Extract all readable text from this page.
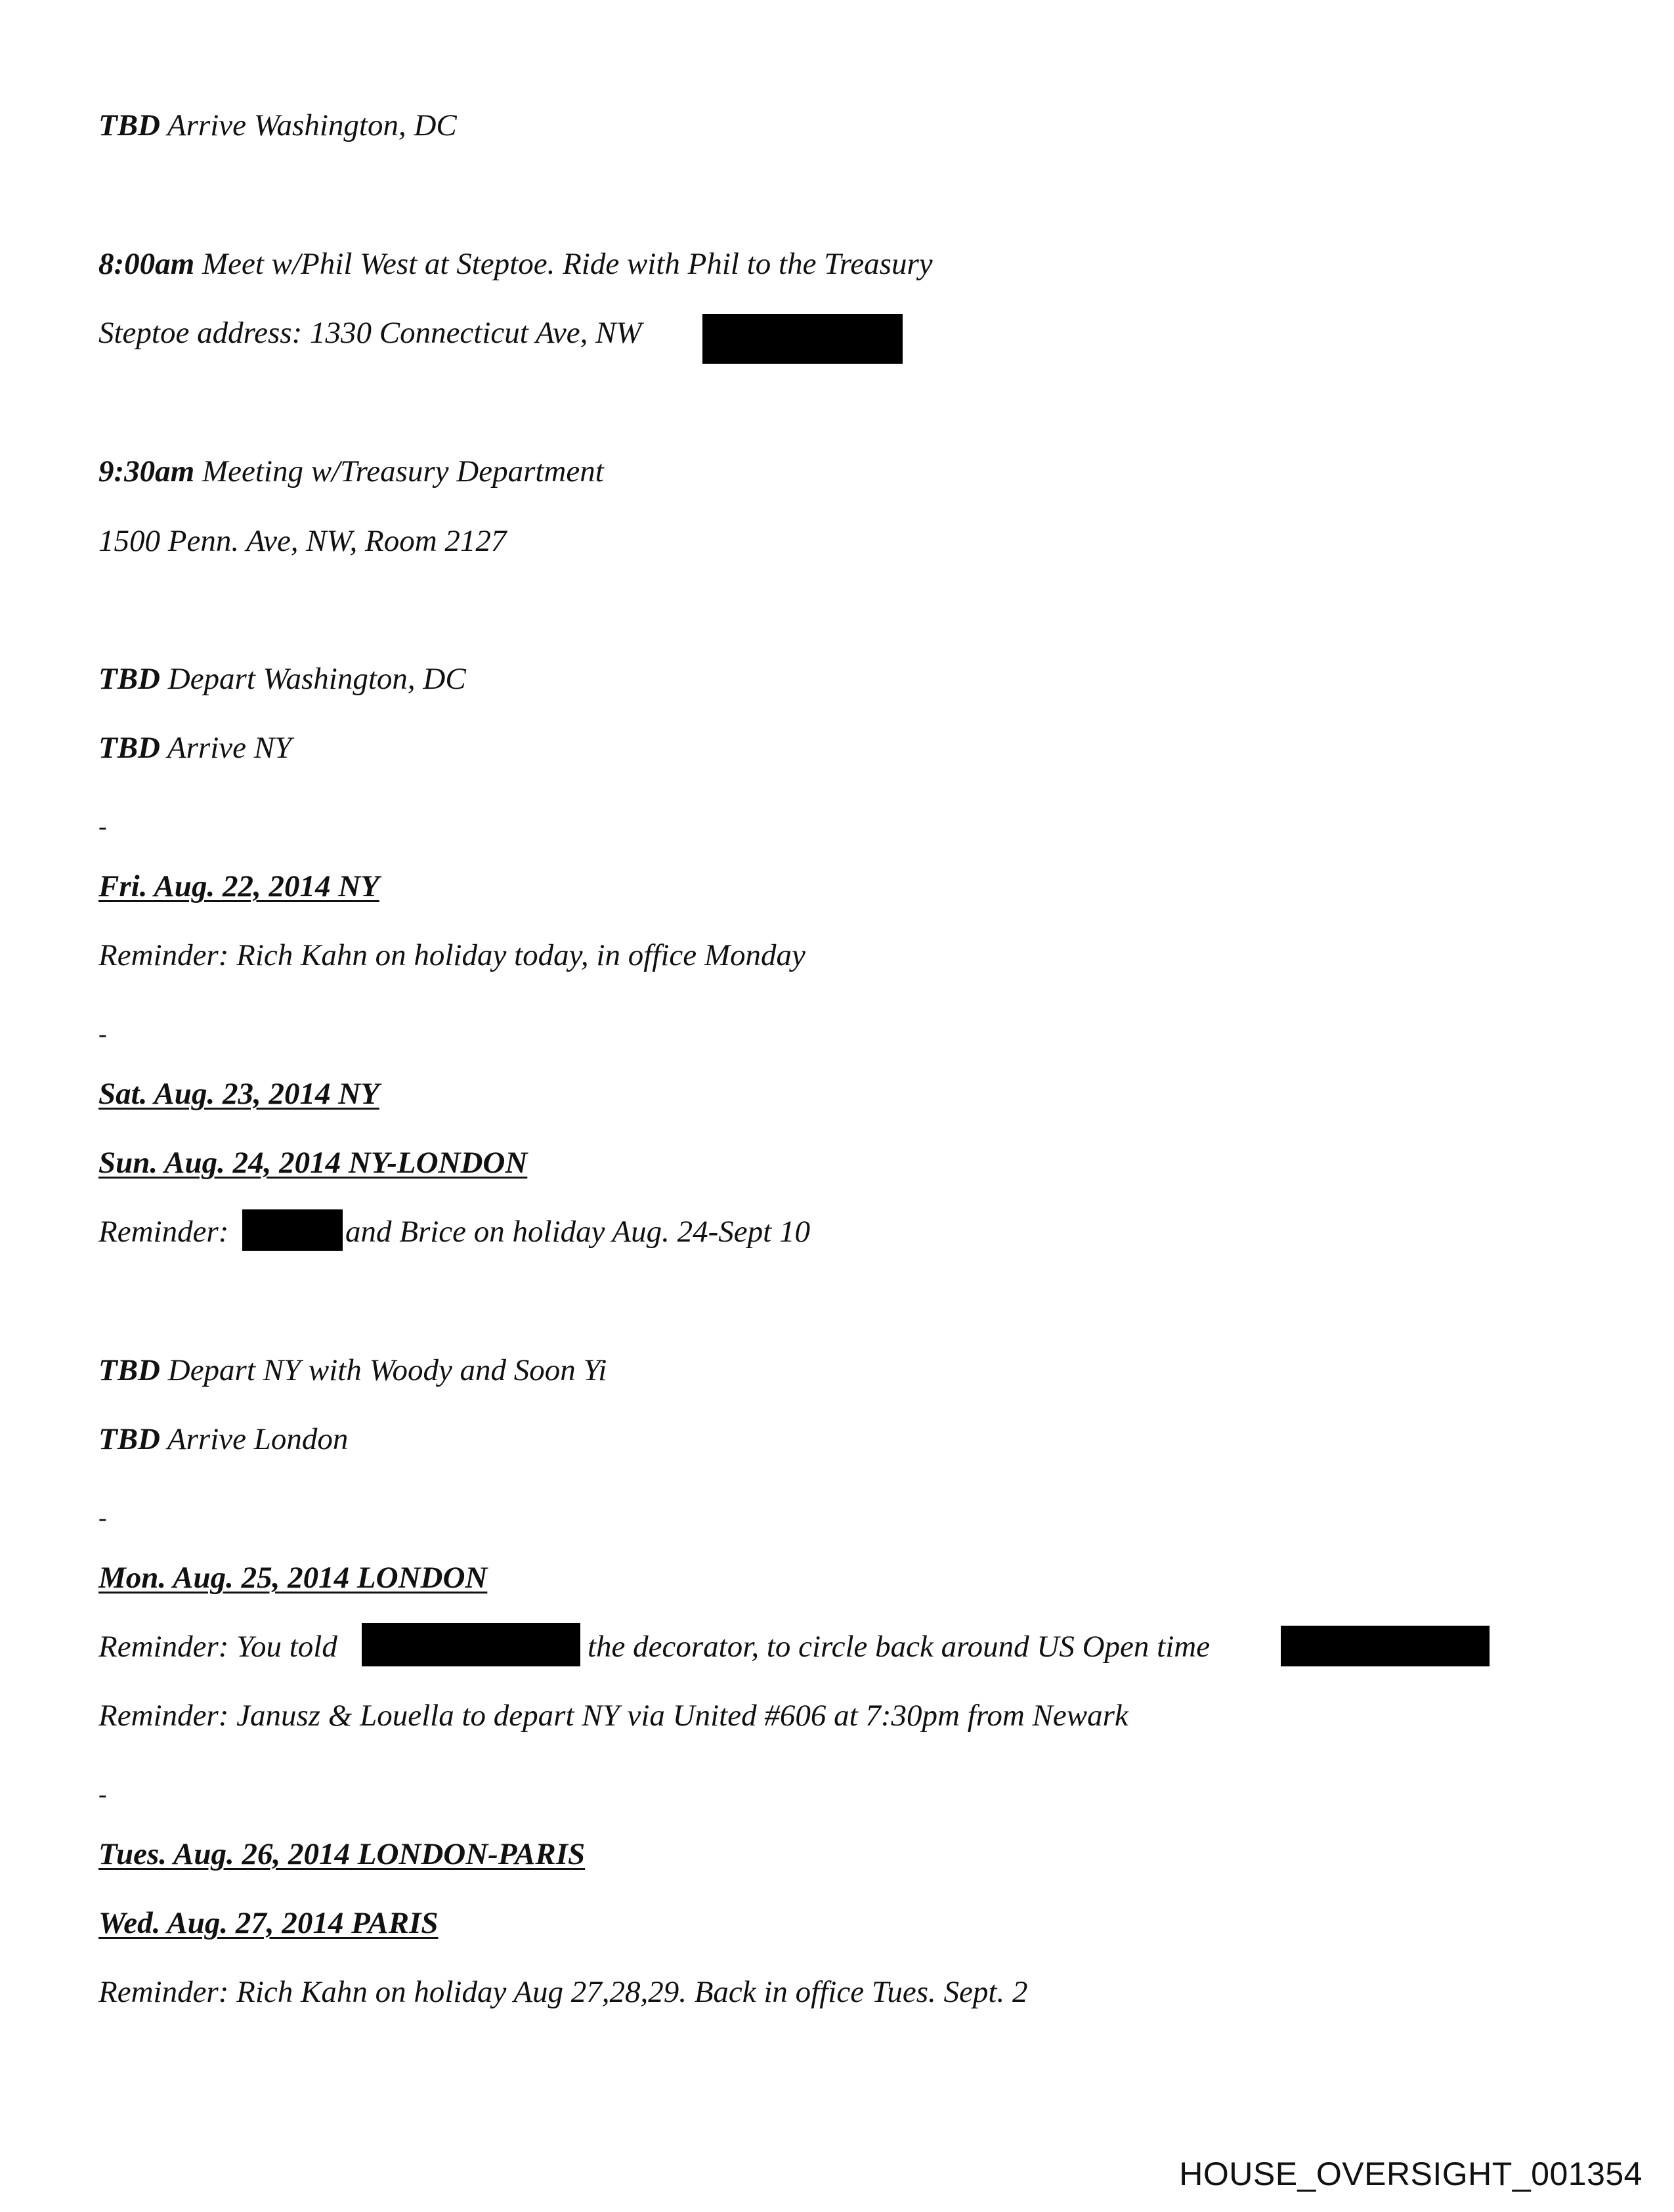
TBD Arrive Washington, DC
8:00am Meet w/Phil West at Steptoe. Ride with Phil to the Treasury
Steptoe address: 1330 Connecticut Ave, NW
9:30am Meeting w/Treasury Department
1500 Penn. Ave, NW, Room 2127
TBD Depart Washington, DC
TBD Arrive NY
-
Fri. Aug. 22, 2014 NY
Reminder: Rich Kahn on holiday today, in office Monday
-
Sat. Aug. 23, 2014 NY
Sun. Aug. 24, 2014 NY-LONDON
Reminder:	and Brice on holiday Aug. 24-Sept 10
TBD Depart NY with Woody and Soon Yi
TBD Arrive London
-
Mon. Aug. 25, 2014 LONDON
Reminder: You told	the decorator, to circle back around US Open time
Reminder: Janusz & Louella to depart NY via United #606 at 7:30pm from Newark
-
Tues. Aug. 26, 2014 LONDON-PARIS
Wed. Aug. 27, 2014 PARIS
Reminder: Rich Kahn on holiday Aug 27,28,29. Back in office Tues. Sept. 2
HOUSE_OVERSIGHT_001354
